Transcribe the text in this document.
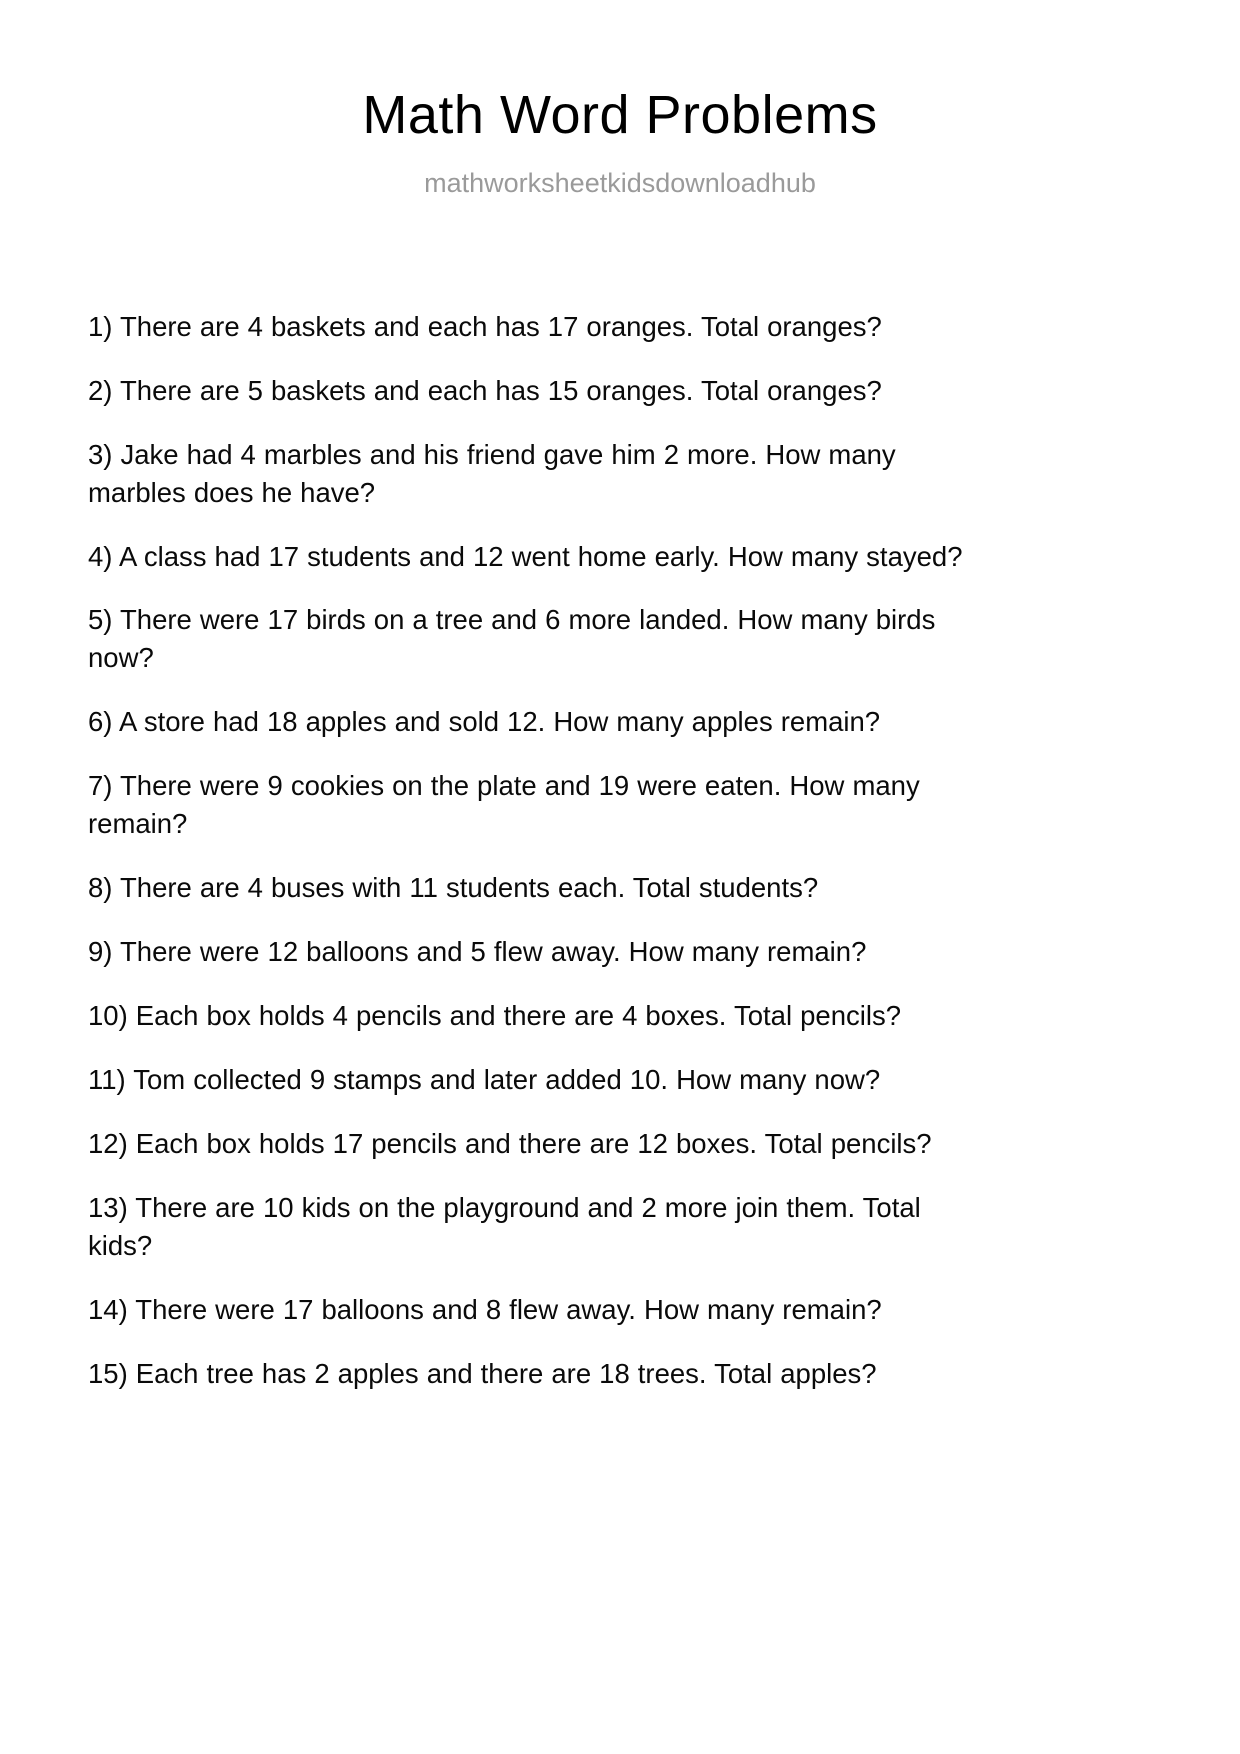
Math Word Problems
mathworksheetkidsdownloadhub
1) There are 4 baskets and each has 17 oranges. Total oranges?
2) There are 5 baskets and each has 15 oranges. Total oranges?
3) Jake had 4 marbles and his friend gave him 2 more. How many marbles does he have?
4) A class had 17 students and 12 went home early. How many stayed?
5) There were 17 birds on a tree and 6 more landed. How many birds now?
6) A store had 18 apples and sold 12. How many apples remain?
7) There were 9 cookies on the plate and 19 were eaten. How many remain?
8) There are 4 buses with 11 students each. Total students?
9) There were 12 balloons and 5 flew away. How many remain?
10) Each box holds 4 pencils and there are 4 boxes. Total pencils?
11) Tom collected 9 stamps and later added 10. How many now?
12) Each box holds 17 pencils and there are 12 boxes. Total pencils?
13) There are 10 kids on the playground and 2 more join them. Total kids?
14) There were 17 balloons and 8 flew away. How many remain?
15) Each tree has 2 apples and there are 18 trees. Total apples?
